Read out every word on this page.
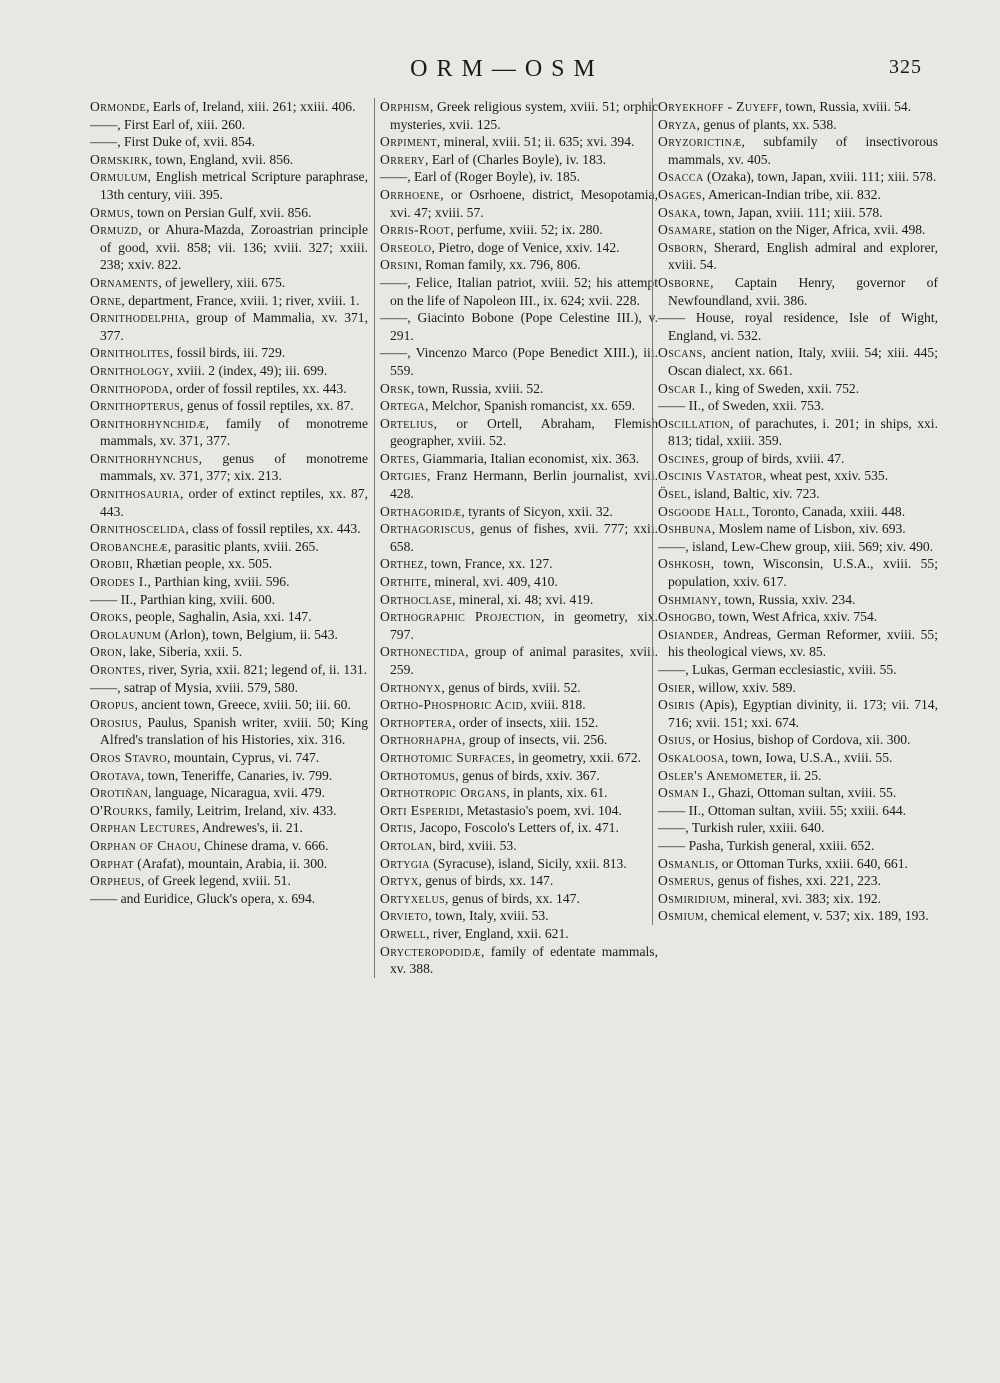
ORM—OSM	325
Ormonde, Earls of, Ireland, xiii. 261; xxiii. 406.
——, First Earl of, xiii. 260.
——, First Duke of, xvii. 854.
Ormskirk, town, England, xvii. 856.
Ormulum, English metrical Scripture paraphrase, 13th century, viii. 395.
Ormus, town on Persian Gulf, xvii. 856.
Ormuzd, or Ahura-Mazda, Zoroastrian principle of good, xvii. 858; vii. 136; xviii. 327; xxiii. 238; xxiv. 822.
Ornaments, of jewellery, xiii. 675.
Orne, department, France, xviii. 1; river, xviii. 1.
Ornithodelphia, group of Mammalia, xv. 371, 377.
Ornitholites, fossil birds, iii. 729.
Ornithology, xviii. 2 (index, 49); iii. 699.
Ornithopoda, order of fossil reptiles, xx. 443.
Ornithopterus, genus of fossil reptiles, xx. 87.
Ornithorhynchidæ, family of monotreme mammals, xv. 371, 377.
Ornithorhynchus, genus of monotreme mammals, xv. 371, 377; xix. 213.
Ornithosauria, order of extinct reptiles, xx. 87, 443.
Ornithoscelida, class of fossil reptiles, xx. 443.
Orobancheæ, parasitic plants, xviii. 265.
Orobii, Rhætian people, xx. 505.
Orodes I., Parthian king, xviii. 596.
—— II., Parthian king, xviii. 600.
Oroks, people, Saghalin, Asia, xxi. 147.
Orolaunum (Arlon), town, Belgium, ii. 543.
Oron, lake, Siberia, xxii. 5.
Orontes, river, Syria, xxii. 821; legend of, ii. 131.
——, satrap of Mysia, xviii. 579, 580.
Oropus, ancient town, Greece, xviii. 50; iii. 60.
Orosius, Paulus, Spanish writer, xviii. 50; King Alfred's translation of his Histories, xix. 316.
Oros Stavro, mountain, Cyprus, vi. 747.
Orotava, town, Teneriffe, Canaries, iv. 799.
Orotiñan, language, Nicaragua, xvii. 479.
O'Rourks, family, Leitrim, Ireland, xiv. 433.
Orphan Lectures, Andrewes's, ii. 21.
Orphan of Chaou, Chinese drama, v. 666.
Orphat (Arafat), mountain, Arabia, ii. 300.
Orpheus, of Greek legend, xviii. 51.
—— and Euridice, Gluck's opera, x. 694.
Orphism, Greek religious system, xviii. 51; orphic mysteries, xvii. 125.
Orpiment, mineral, xviii. 51; ii. 635; xvi. 394.
Orrery, Earl of (Charles Boyle), iv. 183.
——, Earl of (Roger Boyle), iv. 185.
Orrhoene, or Osrhoene, district, Mesopotamia, xvi. 47; xviii. 57.
Orris-Root, perfume, xviii. 52; ix. 280.
Orseolo, Pietro, doge of Venice, xxiv. 142.
Orsini, Roman family, xx. 796, 806.
——, Felice, Italian patriot, xviii. 52; his attempt on the life of Napoleon III., ix. 624; xvii. 228.
——, Giacinto Bobone (Pope Celestine III.), v. 291.
——, Vincenzo Marco (Pope Benedict XIII.), iii. 559.
Orsk, town, Russia, xviii. 52.
Ortega, Melchor, Spanish romancist, xx. 659.
Ortelius, or Ortell, Abraham, Flemish geographer, xviii. 52.
Ortes, Giammaria, Italian economist, xix. 363.
Ortgies, Franz Hermann, Berlin journalist, xvii. 428.
Orthagoridæ, tyrants of Sicyon, xxii. 32.
Orthagoriscus, genus of fishes, xvii. 777; xxii. 658.
Orthez, town, France, xx. 127.
Orthite, mineral, xvi. 409, 410.
Orthoclase, mineral, xi. 48; xvi. 419.
Orthographic Projection, in geometry, xix. 797.
Orthonectida, group of animal parasites, xviii. 259.
Orthonyx, genus of birds, xviii. 52.
Ortho-Phosphoric Acid, xviii. 818.
Orthoptera, order of insects, xiii. 152.
Orthorhapha, group of insects, vii. 256.
Orthotomic Surfaces, in geometry, xxii. 672.
Orthotomus, genus of birds, xxiv. 367.
Orthotropic Organs, in plants, xix. 61.
Orti Esperidi, Metastasio's poem, xvi. 104.
Ortis, Jacopo, Foscolo's Letters of, ix. 471.
Ortolan, bird, xviii. 53.
Ortygia (Syracuse), island, Sicily, xxii. 813.
Ortyx, genus of birds, xx. 147.
Ortyxelus, genus of birds, xx. 147.
Orvieto, town, Italy, xviii. 53.
Orwell, river, England, xxii. 621.
Orycteropodidæ, family of edentate mammals, xv. 388.
Oryekhoff - Zuyeff, town, Russia, xviii. 54.
Oryza, genus of plants, xx. 538.
Oryzorictinæ, subfamily of insectivorous mammals, xv. 405.
Osacca (Ozaka), town, Japan, xviii. 111; xiii. 578.
Osages, American-Indian tribe, xii. 832.
Osaka, town, Japan, xviii. 111; xiii. 578.
Osamare, station on the Niger, Africa, xvii. 498.
Osborn, Sherard, English admiral and explorer, xviii. 54.
Osborne, Captain Henry, governor of Newfoundland, xvii. 386.
—— House, royal residence, Isle of Wight, England, vi. 532.
Oscans, ancient nation, Italy, xviii. 54; xiii. 445; Oscan dialect, xx. 661.
Oscar I., king of Sweden, xxii. 752.
—— II., of Sweden, xxii. 753.
Oscillation, of parachutes, i. 201; in ships, xxi. 813; tidal, xxiii. 359.
Oscines, group of birds, xviii. 47.
Oscinis Vastator, wheat pest, xxiv. 535.
Ösel, island, Baltic, xiv. 723.
Osgoode Hall, Toronto, Canada, xxiii. 448.
Oshbuna, Moslem name of Lisbon, xiv. 693.
——, island, Lew-Chew group, xiii. 569; xiv. 490.
Oshkosh, town, Wisconsin, U.S.A., xviii. 55; population, xxiv. 617.
Oshmiany, town, Russia, xxiv. 234.
Oshogbo, town, West Africa, xxiv. 754.
Osiander, Andreas, German Reformer, xviii. 55; his theological views, xv. 85.
——, Lukas, German ecclesiastic, xviii. 55.
Osier, willow, xxiv. 589.
Osiris (Apis), Egyptian divinity, ii. 173; vii. 714, 716; xvii. 151; xxi. 674.
Osius, or Hosius, bishop of Cordova, xii. 300.
Oskaloosa, town, Iowa, U.S.A., xviii. 55.
Osler's Anemometer, ii. 25.
Osman I., Ghazi, Ottoman sultan, xviii. 55.
—— II., Ottoman sultan, xviii. 55; xxiii. 644.
——, Turkish ruler, xxiii. 640.
—— Pasha, Turkish general, xxiii. 652.
Osmanlis, or Ottoman Turks, xxiii. 640, 661.
Osmerus, genus of fishes, xxi. 221, 223.
Osmiridium, mineral, xvi. 383; xix. 192.
Osmium, chemical element, v. 537; xix. 189, 193.
